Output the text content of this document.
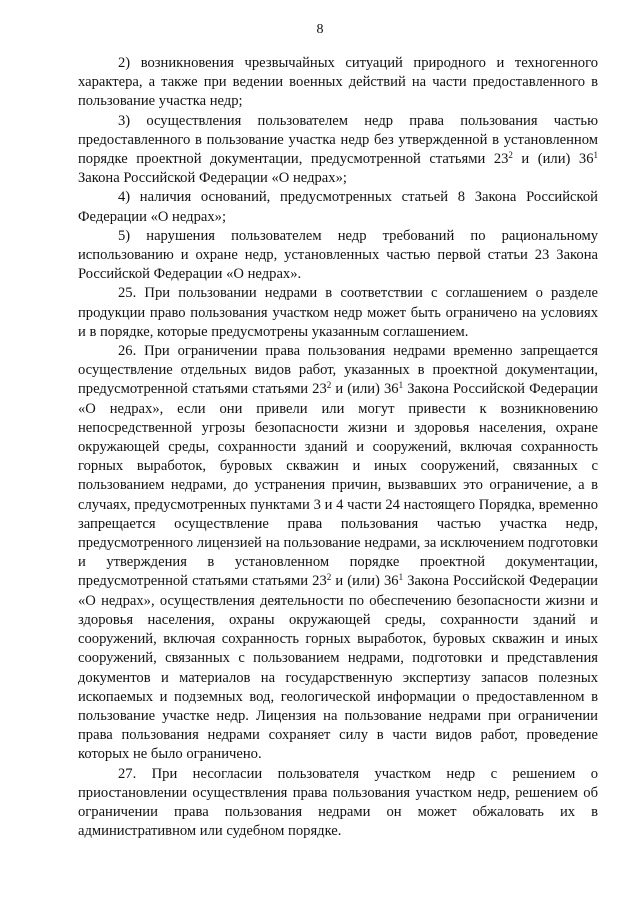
8

2) возникновения чрезвычайных ситуаций природного и техногенного характера, а также при ведении военных действий на части предоставленного в пользование участка недр;

3) осуществления пользователем недр права пользования частью предоставленного в пользование участка недр без утвержденной в установленном порядке проектной документации, предусмотренной статьями $23^2$ и (или) $36^1$ Закона Российской Федерации «О недрах»;

4) наличия оснований, предусмотренных статьей 8 Закона Российской Федерации «О недрах»;

5) нарушения пользователем недр требований по рациональному использованию и охране недр, установленных частью первой статьи 23 Закона Российской Федерации «О недрах».

25. При пользовании недрами в соответствии с соглашением о разделе продукции право пользования участком недр может быть ограничено на условиях и в порядке, которые предусмотрены указанным соглашением.

26. При ограничении права пользования недрами временно запрещается осуществление отдельных видов работ, указанных в проектной документации, предусмотренной статьями статьями $23^2$ и (или) $36^1$ Закона Российской Федерации «О недрах», если они привели или могут привести к возникновению непосредственной угрозы безопасности жизни и здоровья населения, охране окружающей среды, сохранности зданий и сооружений, включая сохранность горных выработок, буровых скважин и иных сооружений, связанных с пользованием недрами, до устранения причин, вызвавших это ограничение, а в случаях, предусмотренных пунктами 3 и 4 части 24 настоящего Порядка, временно запрещается осуществление права пользования частью участка недр, предусмотренного лицензией на пользование недрами, за исключением подготовки и утверждения в установленном порядке проектной документации, предусмотренной статьями статьями $23^2$ и (или) $36^1$ Закона Российской Федерации «О недрах», осуществления деятельности по обеспечению безопасности жизни и здоровья населения, охраны окружающей среды, сохранности зданий и сооружений, включая сохранность горных выработок, буровых скважин и иных сооружений, связанных с пользованием недрами, подготовки и представления документов и материалов на государственную экспертизу запасов полезных ископаемых и подземных вод, геологической информации о предоставленном в пользование участке недр. Лицензия на пользование недрами при ограничении права пользования недрами сохраняет силу в части видов работ, проведение которых не было ограничено.

27. При несогласии пользователя участком недр с решением о приостановлении осуществления права пользования участком недр, решением об ограничении права пользования недрами он может обжаловать их в административном или судебном порядке.
